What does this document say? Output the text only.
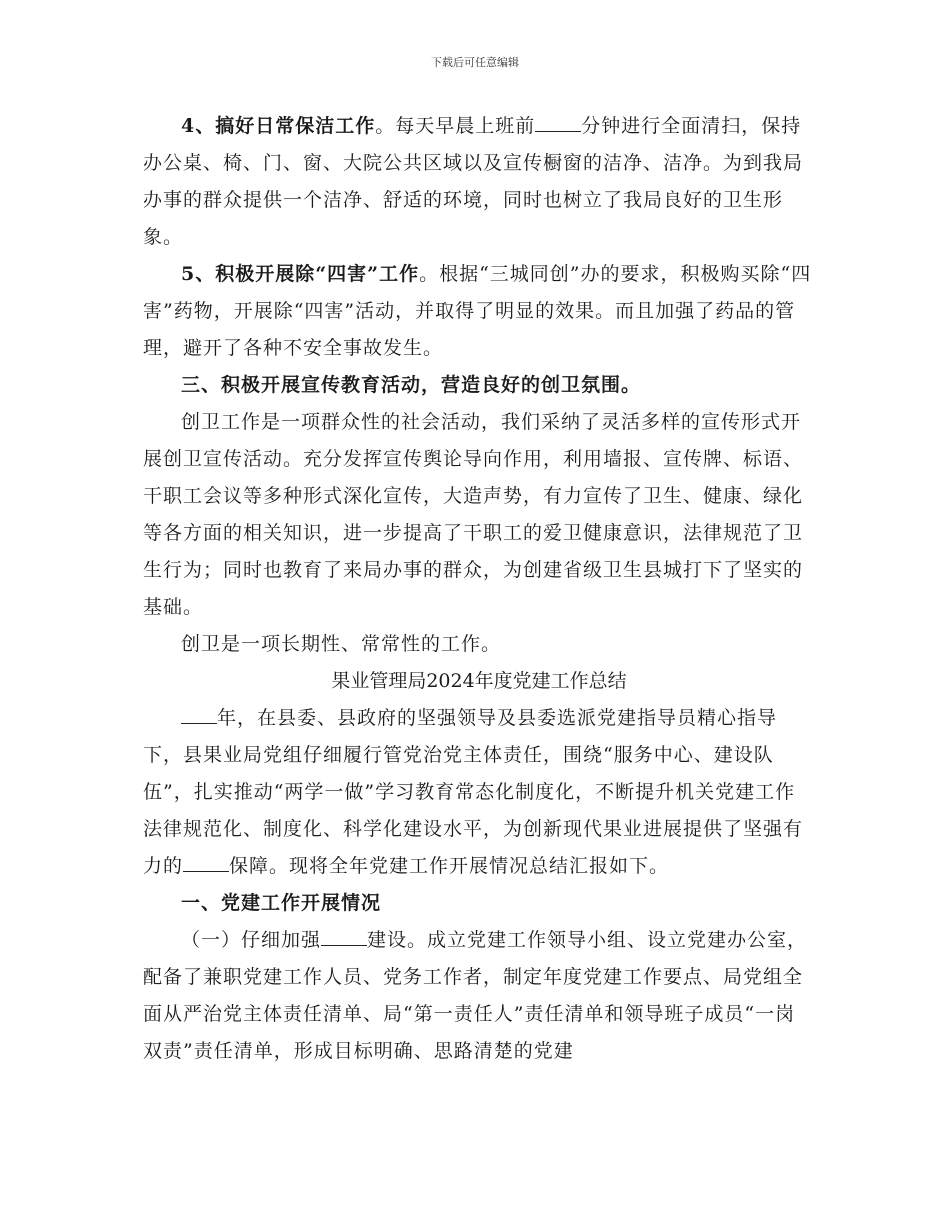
下载后可任意编辑

4、搞好日常保洁工作。每天早晨上班前 分钟进行全面清扫，保持办公桌、椅、门、窗、大院公共区域以及宣传橱窗的洁净、洁净。为到我局办事的群众提供一个洁净、舒适的环境，同时也树立了我局良好的卫生形象。

5、积极开展除“四害”工作。根据“三城同创”办的要求，积极购买除“四害”药物，开展除“四害”活动，并取得了明显的效果。而且加强了药品的管理，避开了各种不安全事故发生。

三、积极开展宣传教育活动，营造良好的创卫氛围。

创卫工作是一项群众性的社会活动，我们采纳了灵活多样的宣传形式开展创卫宣传活动。充分发挥宣传舆论导向作用，利用墙报、宣传牌、标语、干职工会议等多种形式深化宣传，大造声势，有力宣传了卫生、健康、绿化等各方面的相关知识，进一步提高了干职工的爱卫健康意识，法律规范了卫生行为；同时也教育了来局办事的群众，为创建省级卫生县城打下了坚实的基础。

创卫是一项长期性、常常性的工作。

果业管理局2024年度党建工作总结

年，在县委、县政府的坚强领导及县委选派党建指导员精心指导下，县果业局党组仔细履行管党治党主体责任，围绕“服务中心、建设队伍”，扎实推动“两学一做”学习教育常态化制度化，不断提升机关党建工作法律规范化、制度化、科学化建设水平，为创新现代果业进展提供了坚强有力的 保障。现将全年党建工作开展情况总结汇报如下。

一、党建工作开展情况

（一）仔细加强 建设。成立党建工作领导小组、设立党建办公室，配备了兼职党建工作人员、党务工作者，制定年度党建工作要点、局党组全面从严治党主体责任清单、局“第一责任人”责任清单和领导班子成员“一岗双责”责任清单，形成目标明确、思路清楚的党建
